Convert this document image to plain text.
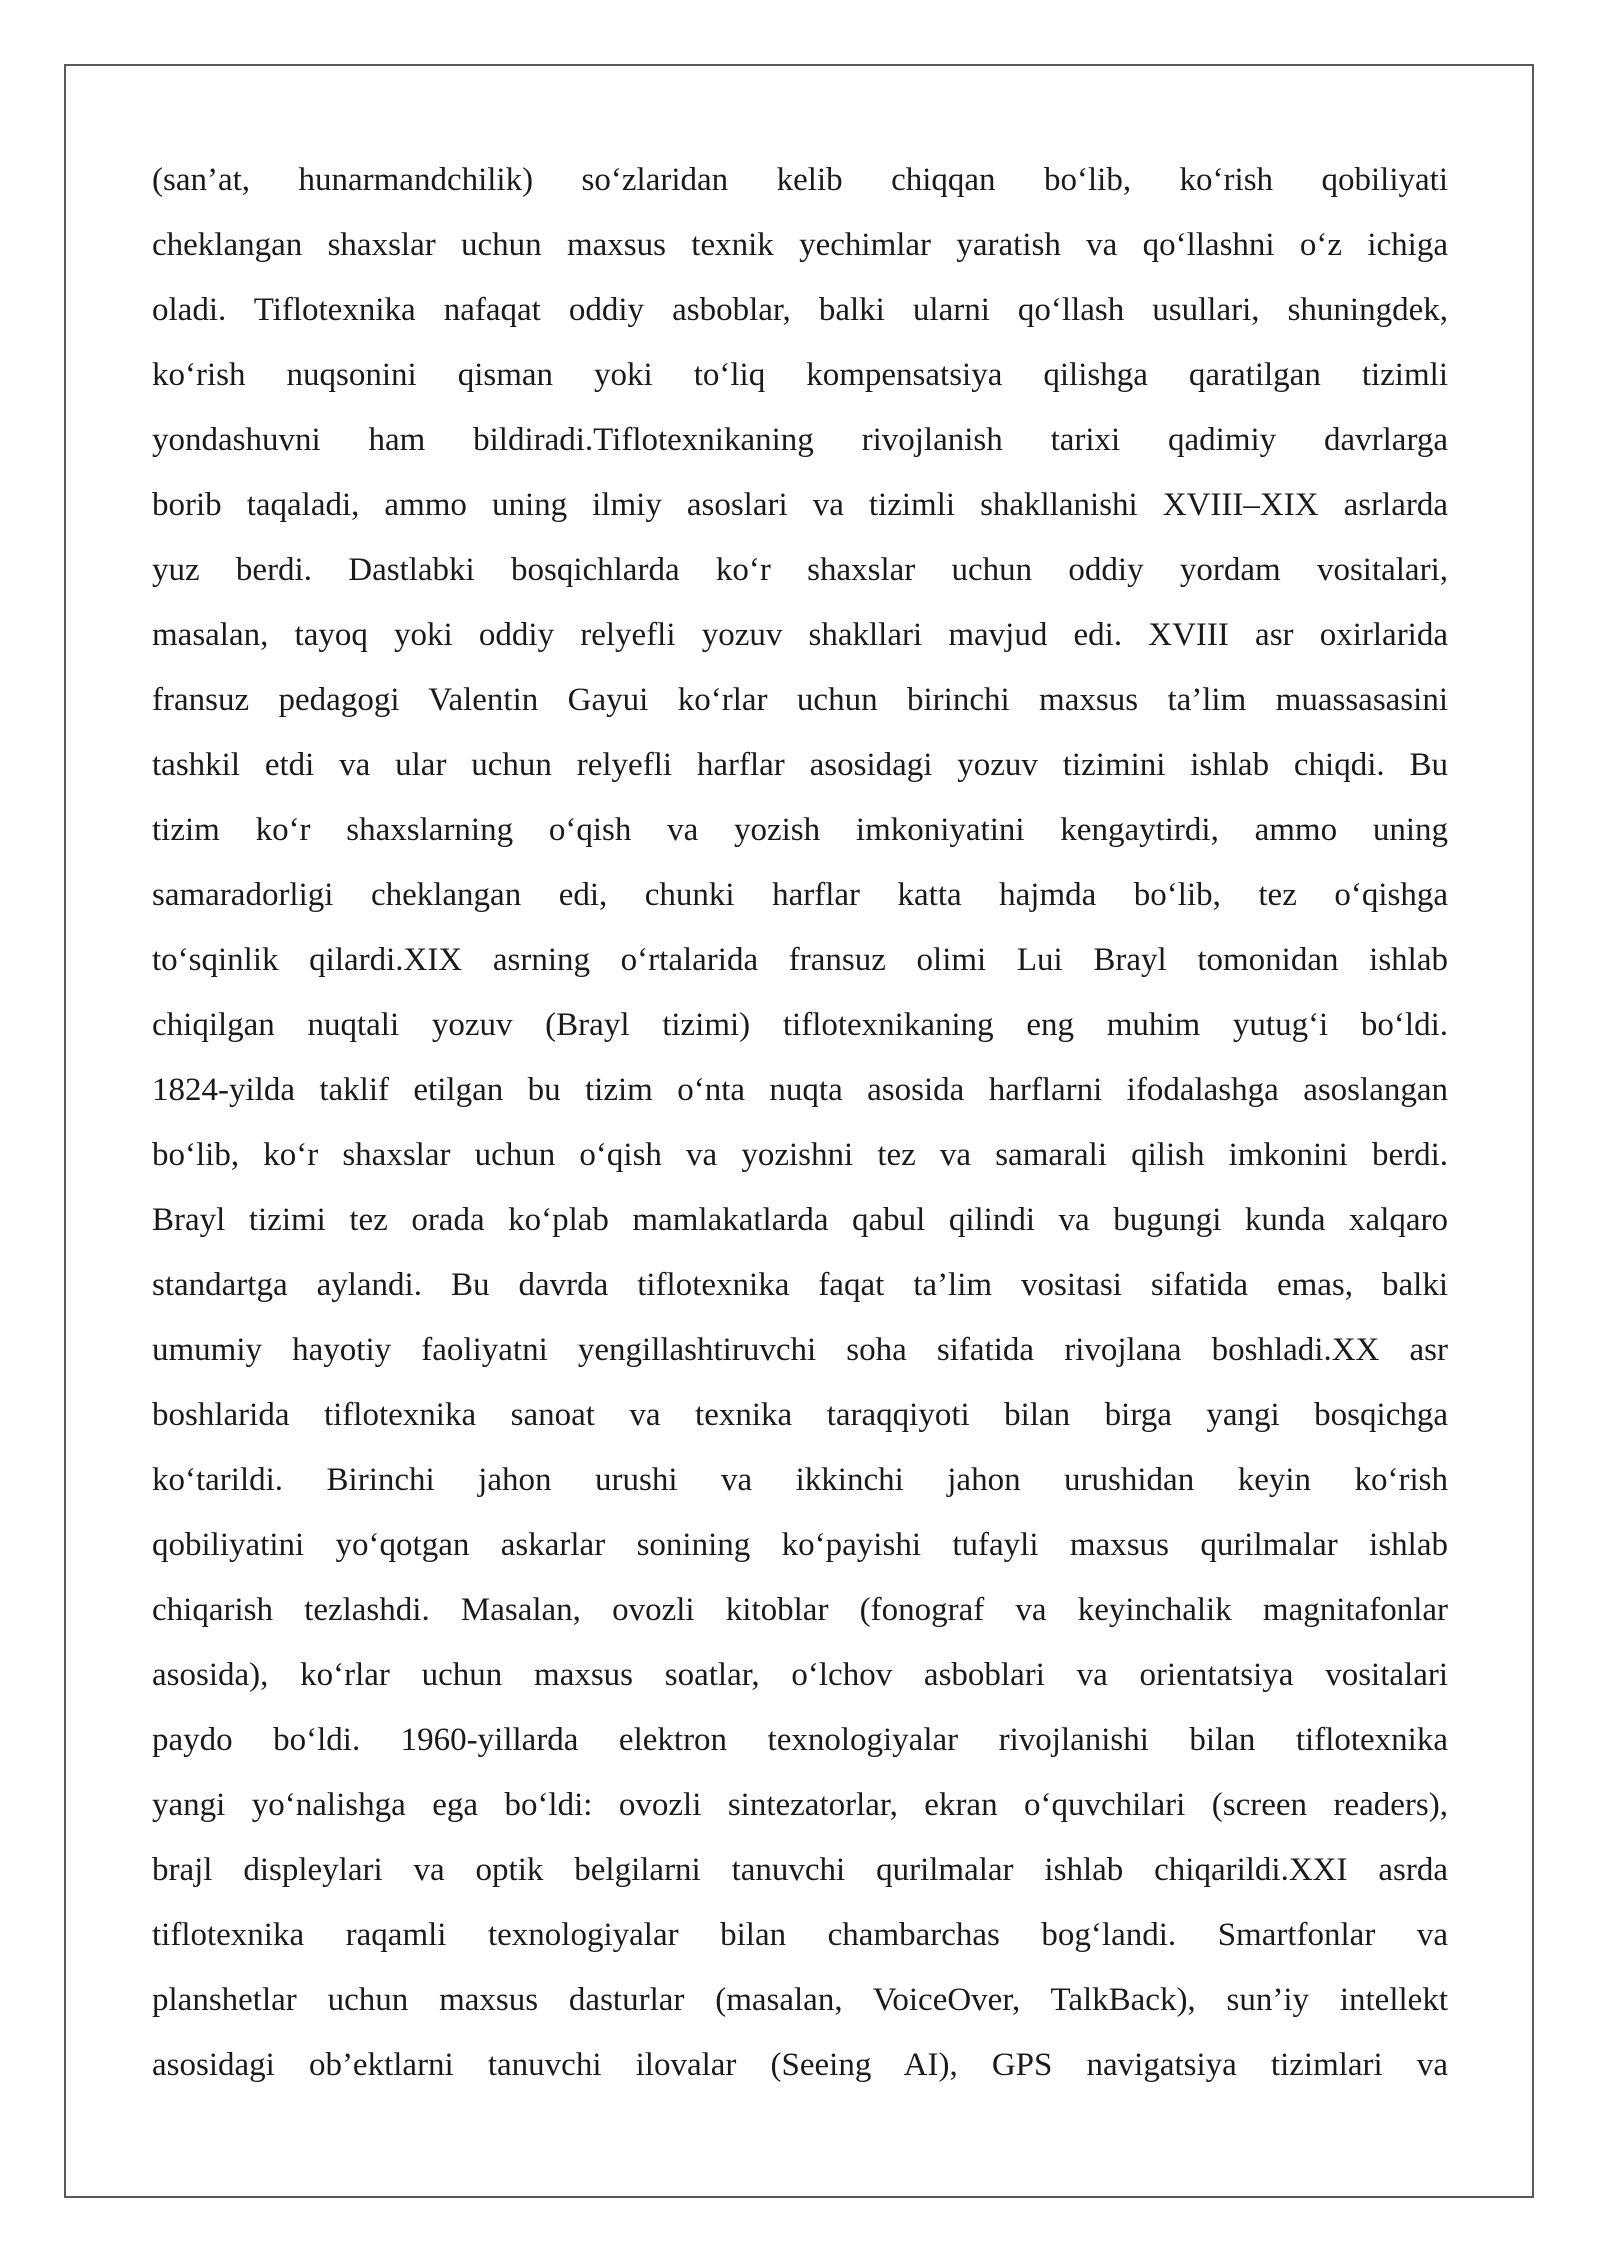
(san’at, hunarmandchilik) so‘zlaridan kelib chiqqan bo‘lib, ko‘rish qobiliyati
cheklangan shaxslar uchun maxsus texnik yechimlar yaratish va qo‘llashni o‘z ichiga
oladi. Tiflotexnika nafaqat oddiy asboblar, balki ularni qo‘llash usullari, shuningdek,
ko‘rish nuqsonini qisman yoki to‘liq kompensatsiya qilishga qaratilgan tizimli
yondashuvni ham bildiradi.Tiflotexnikaning rivojlanish tarixi qadimiy davrlarga
borib taqaladi, ammo uning ilmiy asoslari va tizimli shakllanishi XVIII–XIX asrlarda
yuz berdi. Dastlabki bosqichlarda ko‘r shaxslar uchun oddiy yordam vositalari,
masalan, tayoq yoki oddiy relyefli yozuv shakllari mavjud edi. XVIII asr oxirlarida
fransuz pedagogi Valentin Gayui ko‘rlar uchun birinchi maxsus ta’lim muassasasini
tashkil etdi va ular uchun relyefli harflar asosidagi yozuv tizimini ishlab chiqdi. Bu
tizim ko‘r shaxslarning o‘qish va yozish imkoniyatini kengaytirdi, ammo uning
samaradorligi cheklangan edi, chunki harflar katta hajmda bo‘lib, tez o‘qishga
to‘sqinlik qilardi.XIX asrning o‘rtalarida fransuz olimi Lui Brayl tomonidan ishlab
chiqilgan nuqtali yozuv (Brayl tizimi) tiflotexnikaning eng muhim yutug‘i bo‘ldi.
1824-yilda taklif etilgan bu tizim o‘nta nuqta asosida harflarni ifodalashga asoslangan
bo‘lib, ko‘r shaxslar uchun o‘qish va yozishni tez va samarali qilish imkonini berdi.
Brayl tizimi tez orada ko‘plab mamlakatlarda qabul qilindi va bugungi kunda xalqaro
standartga aylandi. Bu davrda tiflotexnika faqat ta’lim vositasi sifatida emas, balki
umumiy hayotiy faoliyatni yengillashtiruvchi soha sifatida rivojlana boshladi.XX asr
boshlarida tiflotexnika sanoat va texnika taraqqiyoti bilan birga yangi bosqichga
ko‘tarildi. Birinchi jahon urushi va ikkinchi jahon urushidan keyin ko‘rish
qobiliyatini yo‘qotgan askarlar sonining ko‘payishi tufayli maxsus qurilmalar ishlab
chiqarish tezlashdi. Masalan, ovozli kitoblar (fonograf va keyinchalik magnitafonlar
asosida), ko‘rlar uchun maxsus soatlar, o‘lchov asboblari va orientatsiya vositalari
paydo bo‘ldi. 1960-yillarda elektron texnologiyalar rivojlanishi bilan tiflotexnika
yangi yo‘nalishga ega bo‘ldi: ovozli sintezatorlar, ekran o‘quvchilari (screen readers),
brajl displeylari va optik belgilarni tanuvchi qurilmalar ishlab chiqarildi.XXI asrda
tiflotexnika raqamli texnologiyalar bilan chambarchas bog‘landi. Smartfonlar va
planshetlar uchun maxsus dasturlar (masalan, VoiceOver, TalkBack), sun’iy intellekt
asosidagi ob’ektlarni tanuvchi ilovalar (Seeing AI), GPS navigatsiya tizimlari va
